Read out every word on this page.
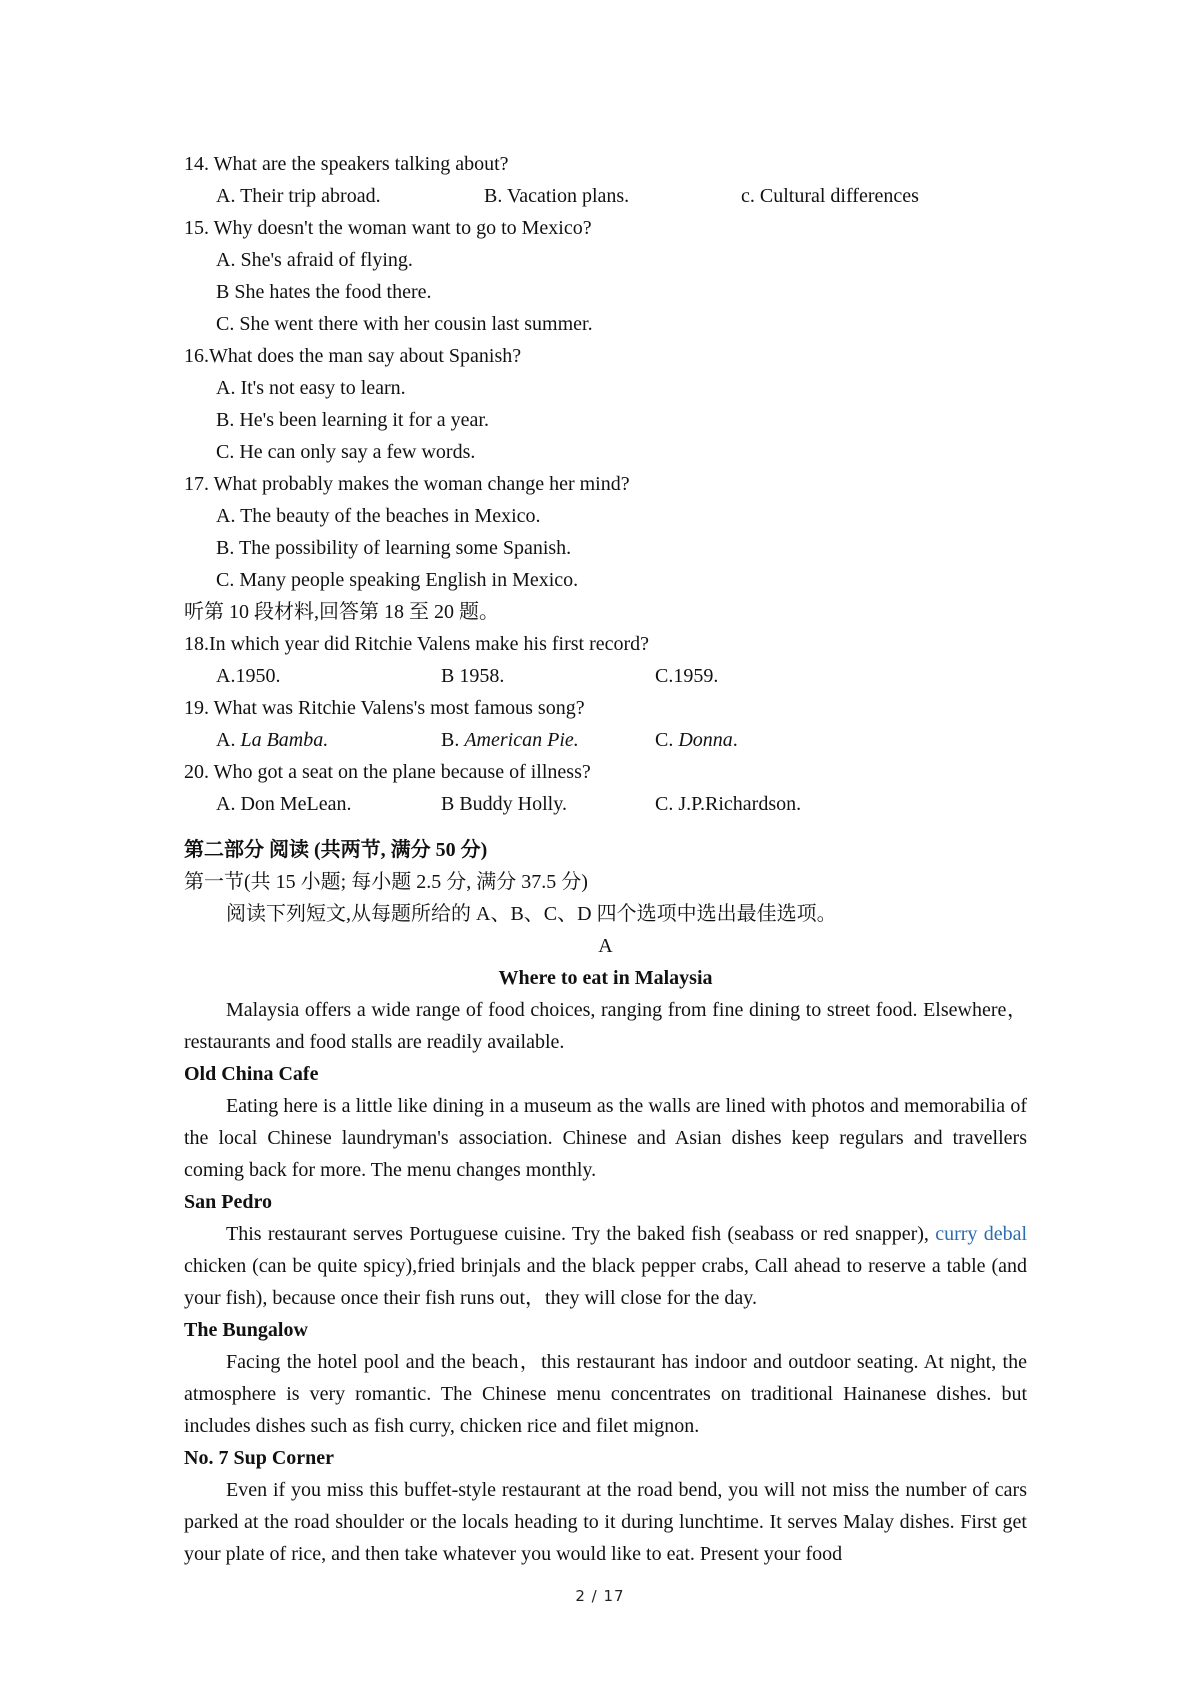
14. What are the speakers talking about?
A. Their trip abroad.	B. Vacation plans.	c. Cultural differences
15. Why doesn't the woman want to go to Mexico?
A. She's afraid of flying.
B She hates the food there.
C. She went there with her cousin last summer.
16.What does the man say about Spanish?
A. It's not easy to learn.
B. He's been learning it for a year.
C. He can only say a few words.
17. What probably makes the woman change her mind?
A. The beauty of the beaches in Mexico.
B. The possibility of learning some Spanish.
C. Many people speaking English in Mexico.
听第 10 段材料,回答第 18 至 20 题。
18.In which year did Ritchie Valens make his first record?
A.1950.	B 1958.	C.1959.
19. What was Ritchie Valens's most famous song?
A. La Bamba.	B. American Pie.	C. Donna.
20. Who got a seat on the plane because of illness?
A. Don MeLean.	B Buddy Holly.	C. J.P.Richardson.
第二部分 阅读 (共两节, 满分 50 分)
第一节(共 15 小题; 每小题 2.5 分, 满分 37.5 分)
阅读下列短文,从每题所给的 A、B、C、D 四个选项中选出最佳选项。
A
Where to eat in Malaysia
Malaysia offers a wide range of food choices, ranging from fine dining to street food. Elsewhere，restaurants and food stalls are readily available.
Old China Cafe
Eating here is a little like dining in a museum as the walls are lined with photos and memorabilia of the local Chinese laundryman's association. Chinese and Asian dishes keep regulars and travellers coming back for more. The menu changes monthly.
San Pedro
This restaurant serves Portuguese cuisine. Try the baked fish (seabass or red snapper), curry debal chicken (can be quite spicy),fried brinjals and the black pepper crabs, Call ahead to reserve a table (and your fish), because once their fish runs out，they will close for the day.
The Bungalow
Facing the hotel pool and the beach，this restaurant has indoor and outdoor seating. At night, the atmosphere is very romantic. The Chinese menu concentrates on traditional Hainanese dishes. but includes dishes such as fish curry, chicken rice and filet mignon.
No. 7 Sup Corner
Even if you miss this buffet-style restaurant at the road bend, you will not miss the number of cars parked at the road shoulder or the locals heading to it during lunchtime. It serves Malay dishes. First get your plate of rice, and then take whatever you would like to eat. Present your food
2 / 17
